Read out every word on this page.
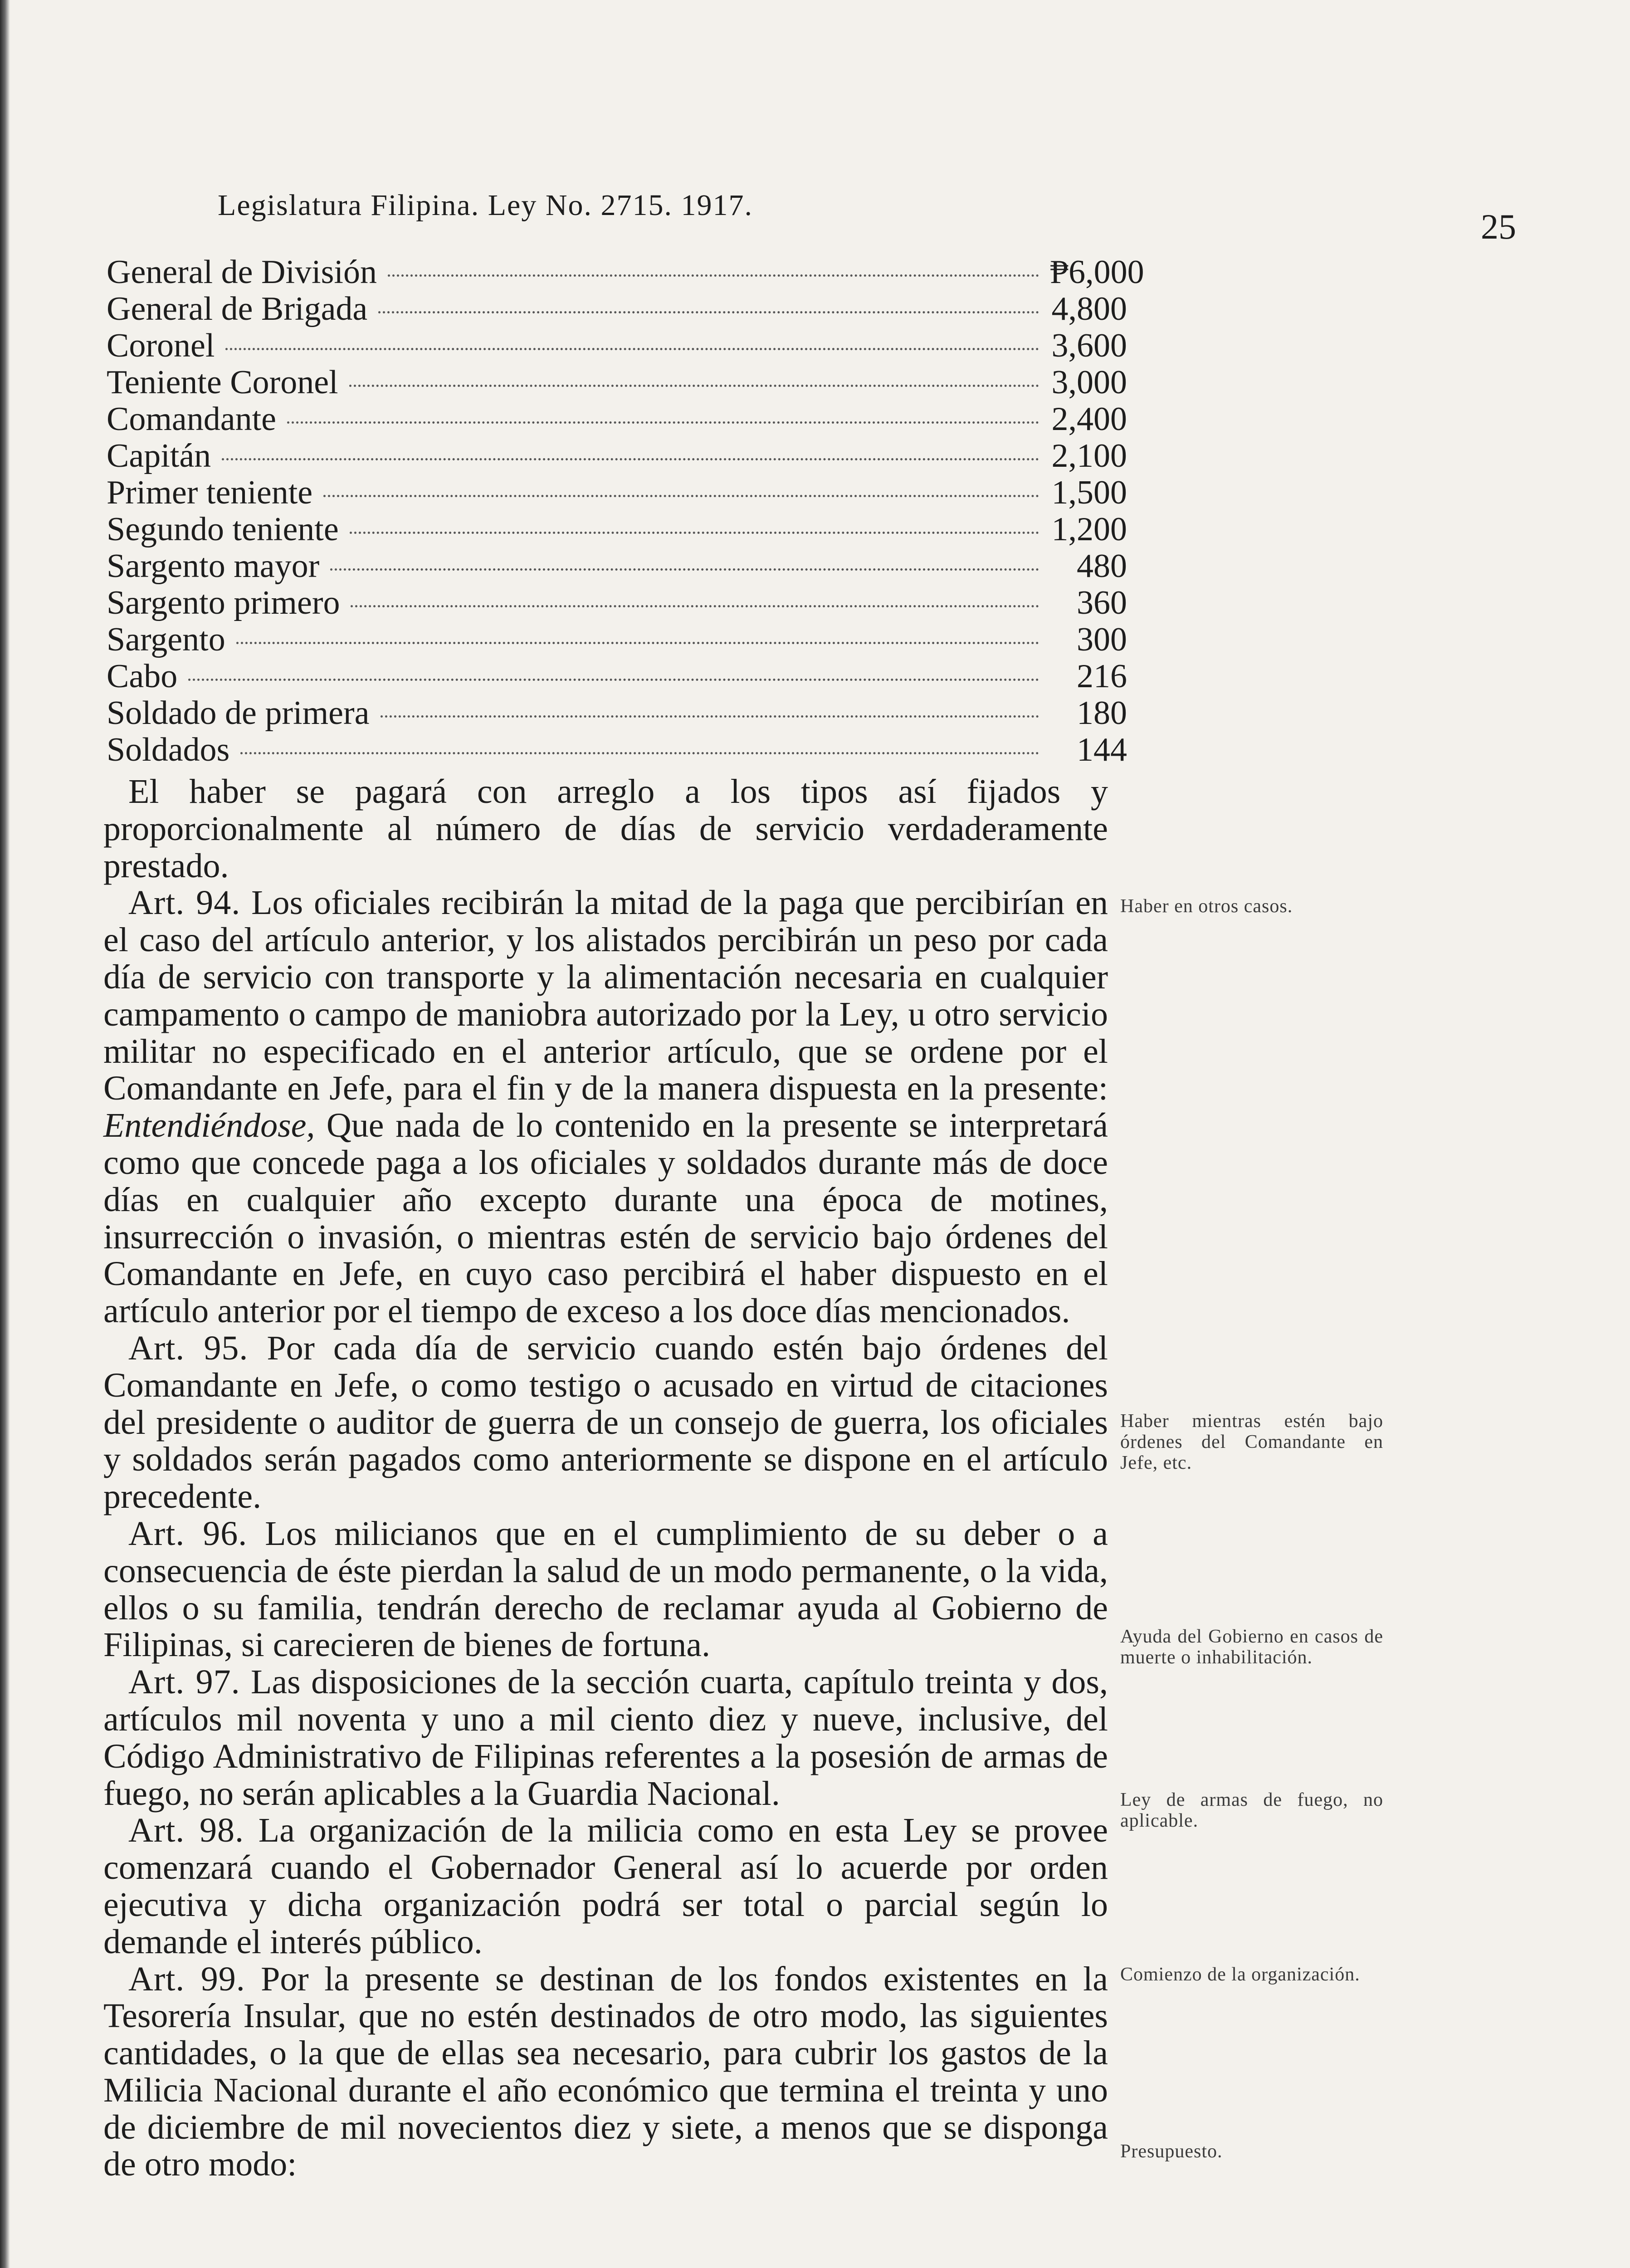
Legislatura Filipina. Ley No. 2715. 1917.
25
General de División	₱6,000
General de Brigada	4,800
Coronel	3,600
Teniente Coronel	3,000
Comandante	2,400
Capitán	2,100
Primer teniente	1,500
Segundo teniente	1,200
Sargento mayor	480
Sargento primero	360
Sargento	300
Cabo	216
Soldado de primera	180
Soldados	144

El haber se pagará con arreglo a los tipos así fijados y proporcionalmente al número de días de servicio verdaderamente prestado.

Art. 94. Los oficiales recibirán la mitad de la paga que percibirían en el caso del artículo anterior, y los alistados percibirán un peso por cada día de servicio con transporte y la alimentación necesaria en cualquier campamento o campo de maniobra autorizado por la Ley, u otro servicio militar no especificado en el anterior artículo, que se ordene por el Comandante en Jefe, para el fin y de la manera dispuesta en la presente: Entendiéndose, Que nada de lo contenido en la presente se interpretará como que concede paga a los oficiales y soldados durante más de doce días en cualquier año excepto durante una época de motines, insurrección o invasión, o mientras estén de servicio bajo órdenes del Comandante en Jefe, en cuyo caso percibirá el haber dispuesto en el artículo anterior por el tiempo de exceso a los doce días mencionados.

Art. 95. Por cada día de servicio cuando estén bajo órdenes del Comandante en Jefe, o como testigo o acusado en virtud de citaciones del presidente o auditor de guerra de un consejo de guerra, los oficiales y soldados serán pagados como anteriormente se dispone en el artículo precedente.

Art. 96. Los milicianos que en el cumplimiento de su deber o a consecuencia de éste pierdan la salud de un modo permanente, o la vida, ellos o su familia, tendrán derecho de reclamar ayuda al Gobierno de Filipinas, si carecieren de bienes de fortuna.

Art. 97. Las disposiciones de la sección cuarta, capítulo treinta y dos, artículos mil noventa y uno a mil ciento diez y nueve, inclusive, del Código Administrativo de Filipinas referentes a la posesión de armas de fuego, no serán aplicables a la Guardia Nacional.

Art. 98. La organización de la milicia como en esta Ley se provee comenzará cuando el Gobernador General así lo acuerde por orden ejecutiva y dicha organización podrá ser total o parcial según lo demande el interés público.

Art. 99. Por la presente se destinan de los fondos existentes en la Tesorería Insular, que no estén destinados de otro modo, las siguientes cantidades, o la que de ellas sea necesario, para cubrir los gastos de la Milicia Nacional durante el año económico que termina el treinta y uno de diciembre de mil novecientos diez y siete, a menos que se disponga de otro modo:

Haber en otros casos.
Haber mientras estén bajo órdenes del Comandante en Jefe, etc.
Ayuda del Gobierno en casos de muerte o inhabilitación.
Ley de armas de fuego, no aplicable.
Comienzo de la organización.
Presupuesto.
